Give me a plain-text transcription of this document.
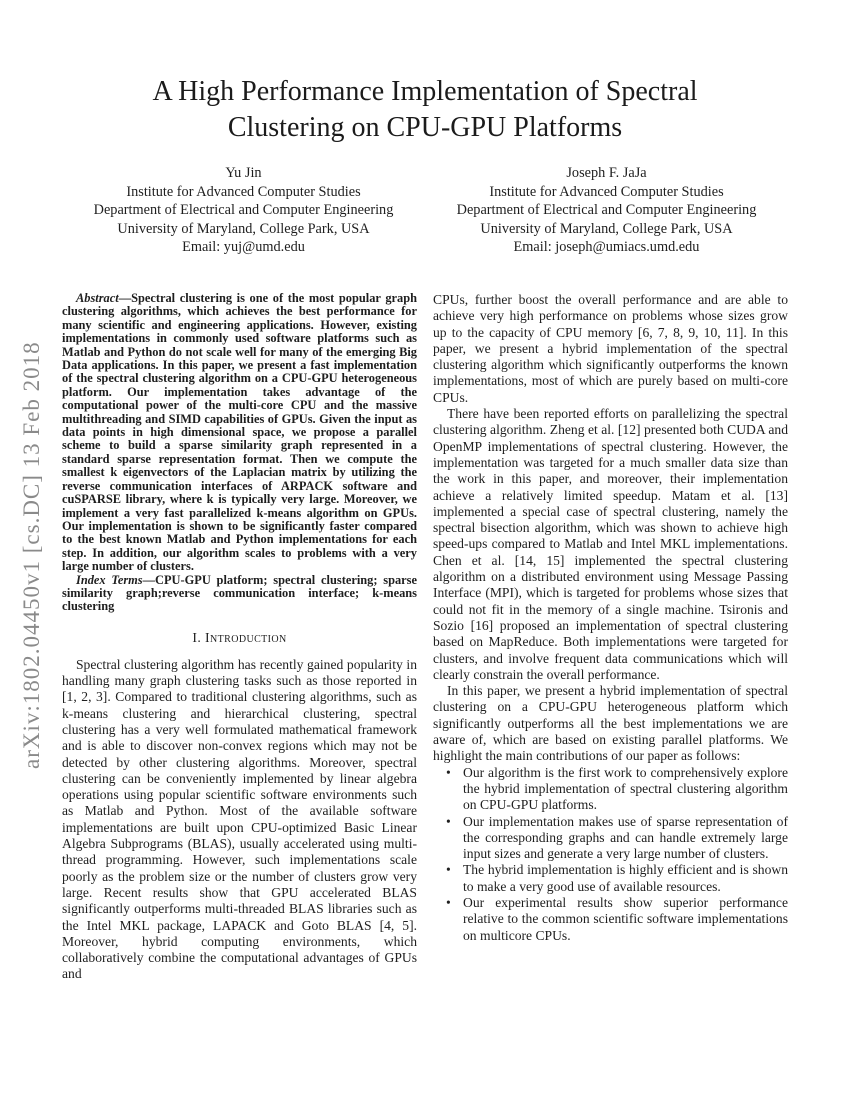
arXiv:1802.04450v1 [cs.DC] 13 Feb 2018
A High Performance Implementation of Spectral
Clustering on CPU-GPU Platforms
Yu Jin
Institute for Advanced Computer Studies
Department of Electrical and Computer Engineering
University of Maryland, College Park, USA
Email: yuj@umd.edu
Joseph F. JaJa
Institute for Advanced Computer Studies
Department of Electrical and Computer Engineering
University of Maryland, College Park, USA
Email: joseph@umiacs.umd.edu

Abstract—Spectral clustering is one of the most popular graph clustering algorithms, which achieves the best performance for many scientific and engineering applications. However, existing implementations in commonly used software platforms such as Matlab and Python do not scale well for many of the emerging Big Data applications. In this paper, we present a fast implementation of the spectral clustering algorithm on a CPU-GPU heterogeneous platform. Our implementation takes advantage of the computational power of the multi-core CPU and the massive multithreading and SIMD capabilities of GPUs. Given the input as data points in high dimensional space, we propose a parallel scheme to build a sparse similarity graph represented in a standard sparse representation format. Then we compute the smallest k eigenvectors of the Laplacian matrix by utilizing the reverse communication interfaces of ARPACK software and cuSPARSE library, where k is typically very large. Moreover, we implement a very fast parallelized k-means algorithm on GPUs. Our implementation is shown to be significantly faster compared to the best known Matlab and Python implementations for each step. In addition, our algorithm scales to problems with a very large number of clusters.

Index Terms—CPU-GPU platform; spectral clustering; sparse similarity graph;reverse communication interface; k-means clustering

I. Introduction

Spectral clustering algorithm has recently gained popularity in handling many graph clustering tasks such as those reported in [1, 2, 3]. Compared to traditional clustering algorithms, such as k-means clustering and hierarchical clustering, spectral clustering has a very well formulated mathematical framework and is able to discover non-convex regions which may not be detected by other clustering algorithms. Moreover, spectral clustering can be conveniently implemented by linear algebra operations using popular scientific software environments such as Matlab and Python. Most of the available software implementations are built upon CPU-optimized Basic Linear Algebra Subprograms (BLAS), usually accelerated using multi-thread programming. However, such implementations scale poorly as the problem size or the number of clusters grow very large. Recent results show that GPU accelerated BLAS significantly outperforms multi-threaded BLAS libraries such as the Intel MKL package, LAPACK and Goto BLAS [4, 5]. Moreover, hybrid computing environments, which collaboratively combine the computational advantages of GPUs and

CPUs, further boost the overall performance and are able to achieve very high performance on problems whose sizes grow up to the capacity of CPU memory [6, 7, 8, 9, 10, 11]. In this paper, we present a hybrid implementation of the spectral clustering algorithm which significantly outperforms the known implementations, most of which are purely based on multi-core CPUs.

There have been reported efforts on parallelizing the spectral clustering algorithm. Zheng et al. [12] presented both CUDA and OpenMP implementations of spectral clustering. However, the implementation was targeted for a much smaller data size than the work in this paper, and moreover, their implementation achieve a relatively limited speedup. Matam et al. [13] implemented a special case of spectral clustering, namely the spectral bisection algorithm, which was shown to achieve high speed-ups compared to Matlab and Intel MKL implementations. Chen et al. [14, 15] implemented the spectral clustering algorithm on a distributed environment using Message Passing Interface (MPI), which is targeted for problems whose sizes that could not fit in the memory of a single machine. Tsironis and Sozio [16] proposed an implementation of spectral clustering based on MapReduce. Both implementations were targeted for clusters, and involve frequent data communications which will clearly constrain the overall performance.

In this paper, we present a hybrid implementation of spectral clustering on a CPU-GPU heterogeneous platform which significantly outperforms all the best implementations we are aware of, which are based on existing parallel platforms. We highlight the main contributions of our paper as follows:

• Our algorithm is the first work to comprehensively explore the hybrid implementation of spectral clustering algorithm on CPU-GPU platforms.
• Our implementation makes use of sparse representation of the corresponding graphs and can handle extremely large input sizes and generate a very large number of clusters.
• The hybrid implementation is highly efficient and is shown to make a very good use of available resources.
• Our experimental results show superior performance relative to the common scientific software implementations on multicore CPUs.
